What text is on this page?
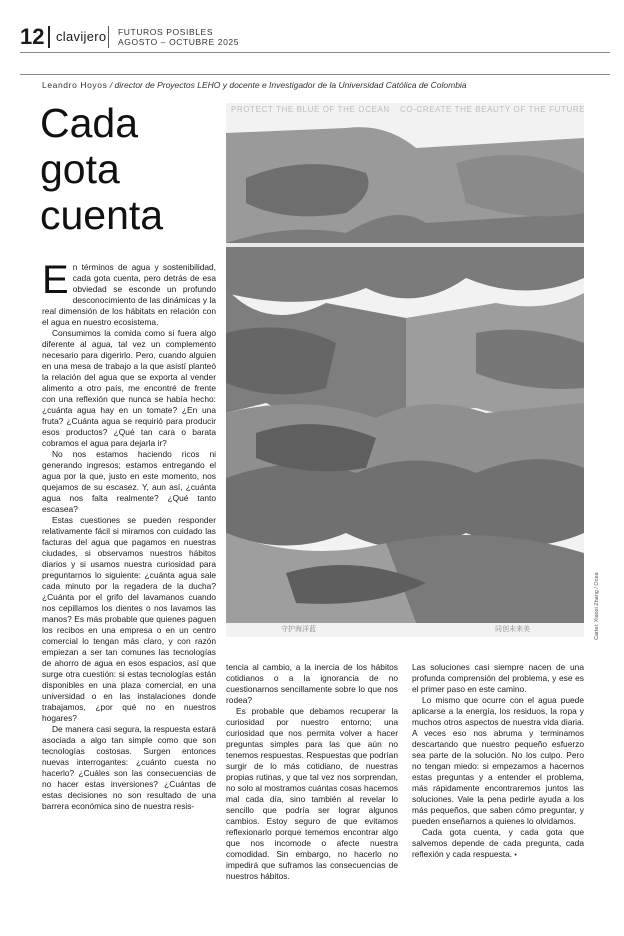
12 clavijero FUTUROS POSIBLES
AGOSTO – OCTUBRE 2025
Leandro Hoyos / director de Proyectos LEHO y docente e Investigador de la Universidad Católica de Colombia
Cada
gota
cuenta
PROTECT THE BLUE OF THE OCEAN CO-CREATE THE BEAUTY OF THE FUTURE
守护海洋蓝	同创未来美	Cartel: Xiaoxi Zhang / Ocea

En términos de agua y sostenibilidad, cada gota cuenta, pero detrás de esa obviedad se esconde un profundo desconocimiento de las dinámicas y la real dimensión de los hábitats en relación con el agua en nuestro ecosistema.

Consumimos la comida como si fuera algo diferente al agua, tal vez un complemento necesario para digerirlo. Pero, cuando alguien en una mesa de trabajo a la que asistí planteó la relación del agua que se exporta al vender alimento a otro país, me encontré de frente con una reflexión que nunca se había hecho: ¿cuánta agua hay en un tomate? ¿En una fruta? ¿Cuánta agua se requirió para producir esos productos? ¿Qué tan cara o barata cobramos el agua para dejarla ir?

No nos estamos haciendo ricos ni generando ingresos; estamos entregando el agua por la que, justo en este momento, nos quejamos de su escasez. Y, aun así, ¿cuánta agua nos falta realmente? ¿Qué tanto escasea?

Estas cuestiones se pueden responder relativamente fácil si miramos con cuidado las facturas del agua que pagamos en nuestras ciudades, si observamos nuestros hábitos diarios y si usamos nuestra curiosidad para preguntarnos lo siguiente: ¿cuánta agua sale cada minuto por la regadera de la ducha? ¿Cuánta por el grifo del lavamanos cuando nos cepillamos los dientes o nos lavamos las manos? Es más probable que quienes paguen los recibos en una empresa o en un centro comercial lo tengan más claro, y con razón empiezan a ser tan comunes las tecnologías de ahorro de agua en esos espacios, así que surge otra cuestión: si estas tecnologías están disponibles en una plaza comercial, en una universidad o en las instalaciones donde trabajamos, ¿por qué no en nuestros hogares?

De manera casi segura, la respuesta estará asociada a algo tan simple como que son tecnologías costosas. Surgen entonces nuevas interrogantes: ¿cuánto cuesta no hacerlo? ¿Cuáles son las consecuencias de no hacer estas inversiones? ¿Cuántas de estas decisiones no son resultado de una barrera económica sino de nuestra resis-

tencia al cambio, a la inercia de los hábitos cotidianos o a la ignorancia de no cuestionarnos sencillamente sobre lo que nos rodea?

Es probable que debamos recuperar la curiosidad por nuestro entorno; una curiosidad que nos permita volver a hacer preguntas simples para las que aún no tenemos respuestas. Respuestas que podrían surgir de lo más cotidiano, de nuestras propias rutinas, y que tal vez nos sorprendan, no solo al mostramos cuántas cosas hacemos mal cada día, sino también al revelar lo sencillo que podría ser lograr algunos cambios. Estoy seguro de que evitamos reflexionarlo porque tememos encontrar algo que nos incomode o afecte nuestra comodidad. Sin embargo, no hacerlo no impedirá que suframos las consecuencias de nuestros hábitos.

Las soluciones casi siempre nacen de una profunda comprensión del problema, y ese es el primer paso en este camino.

Lo mismo que ocurre con el agua puede aplicarse a la energía, los residuos, la ropa y muchos otros aspectos de nuestra vida diaria. A veces eso nos abruma y terminamos descartando que nuestro pequeño esfuerzo sea parte de la solución. No los culpo. Pero no tengan miedo: si empezamos a hacernos estas preguntas y a entender el problema, más rápidamente encontraremos juntos las soluciones. Vale la pena pedirle ayuda a los más pequeños, que saben cómo preguntar, y pueden enseñarnos a quienes lo olvidamos.

Cada gota cuenta, y cada gota que salvemos depende de cada pregunta, cada reflexión y cada respuesta. •
